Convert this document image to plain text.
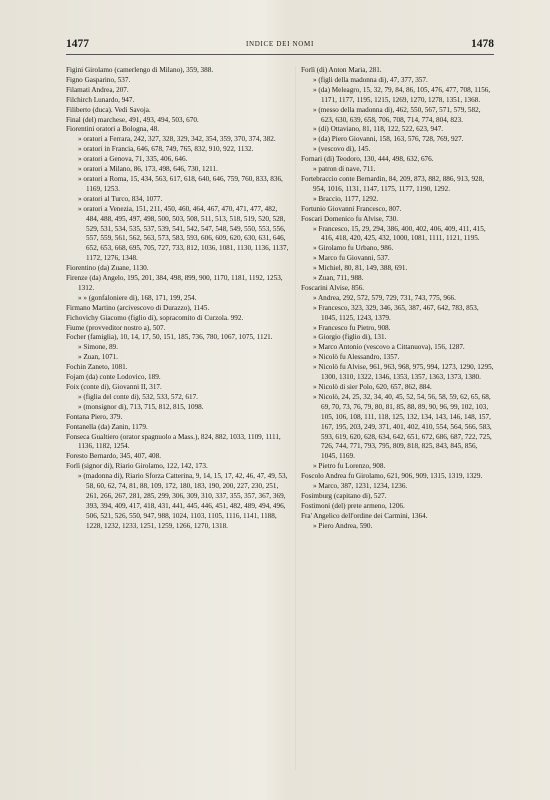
1477	INDICE DEI NOMI	1478
Figini Girolamo (camerlengo di Milano), 359, 388.
Figno Gasparino, 537.
Filamati Andrea, 207.
Filchirch Lunardo, 947.
Filiberto (duca). Vedi Savoja.
Final (del) marchese, 491, 493, 494, 503, 670.
Fiorentini oratori a Bologna, 48.
» oratori a Ferrara, 242, 327, 328, 329, 342, 354, 359, 370, 374, 382.
» oratori in Francia, 646, 678, 749, 765, 832, 910, 922, 1132.
» oratori a Genova, 71, 335, 406, 646.
» oratori a Milano, 86, 173, 498, 646, 730, 1211.
» oratori a Roma, 15, 434, 563, 617, 618, 640, 646, 759, 760, 833, 836, 1169, 1253.
» oratori al Turco, 834, 1077.
» oratori a Venezia, 151, 211, 450, 460, 464, 467, 470, 471, 477, 482, 484, 488, 495, 497, 498, 500, 503, 508, 511, 513, 518, 519, 520, 528, 529, 531, 534, 535, 537, 539, 541, 542, 547, 548, 549, 550, 553, 556, 557, 559, 561, 562, 563, 573, 583, 593, 606, 609, 620, 630, 631, 646, 652, 653, 668, 695, 705, 727, 733, 812, 1036, 1081, 1130, 1136, 1137, 1172, 1276, 1348.
Fiorentino (da) Zuane, 1130.
Firenze (da) Angelo, 195, 201, 384, 498, 899, 900, 1170, 1181, 1192, 1253, 1312.
» » (gonfaloniere di), 168, 171, 199, 254.
Firmano Martino (arcivescovo di Durazzo), 1145.
Fichovichy Giacomo (figlio di), sopracomito di Curzola. 992.
Fiume (provveditor nostro a), 507.
Focher (famiglia), 10, 14, 17, 50, 151, 185, 736, 780, 1067, 1075, 1121.
» Simone, 89.
» Zuan, 1071.
Fochin Zaneto, 1081.
Fojam (da) conte Lodovico, 189.
Foix (conte di), Giovanni II, 317.
» (figlia del conte di), 532, 533, 572, 617.
» (monsignor di), 713, 715, 812, 815, 1098.
Fontana Piero, 379.
Fontanella (da) Zanin, 1179.
Fonseca Gualtiero (orator spagnuolo a Mass.), 824, 882, 1033, 1109, 1111, 1136, 1182, 1254.
Foresto Bernardo, 345, 407, 408.
Forlì (signor di), Riario Girolamo, 122, 142, 173.
» (madonna di), Riario Sforza Catterina, 9, 14, 15, 17, 42, 46, 47, 49, 53, 58, 60, 62, 74, 81, 88, 109, 172, 180, 183, 190, 200, 227, 230, 251, 261, 266, 267, 281, 285, 299, 306, 309, 310, 337, 355, 357, 367, 369, 393, 394, 409, 417, 418, 431, 441, 445, 446, 451, 482, 489, 494, 496, 506, 521, 526, 550, 947, 988, 1024, 1103, 1105, 1116, 1141, 1188, 1228, 1232, 1233, 1251, 1259, 1266, 1270, 1318.
Forlì (di) Anton Maria, 281.
» (figli della madonna di), 47, 377, 357.
» (da) Meleagro, 15, 32, 79, 84, 86, 105, 476, 477, 708, 1156, 1171, 1177, 1195, 1215, 1269, 1270, 1278, 1351, 1368.
» (messo della madonna di), 462, 550, 567, 571, 579, 582, 623, 630, 639, 658, 706, 708, 714, 774, 804, 823.
» (di) Ottaviano, 81, 118, 122, 522, 623, 947.
» (da) Piero Giovanni, 158, 163, 576, 728, 769, 927.
» (vescovo di), 145.
Fornari (di) Teodoro, 130, 444, 498, 632, 676.
» patron di nave, 711.
Fortebraccio conte Bernardin, 84, 209, 873, 882, 886, 913, 928, 954, 1016, 1131, 1147, 1175, 1177, 1190, 1292.
» Braccio, 1177, 1292.
Fortunio Giovanni Francesco, 807.
Foscari Domenico fu Alvise, 730.
» Francesco, 15, 29, 294, 386, 400, 402, 406, 409, 411, 415, 416, 418, 420, 425, 432, 1000, 1081, 1111, 1121, 1195.
» Girolamo fu Urbano, 986.
» Marco fu Giovanni, 537.
» Michiel, 80, 81, 149, 388, 691.
» Zuan, 711, 988.
Foscarini Alvise, 856.
» Andrea, 292, 572, 579, 729, 731, 743, 775, 966.
» Francesco, 323, 329, 346, 365, 387, 467, 642, 783, 853, 1045, 1125, 1243, 1379.
» Francesco fu Pietro, 908.
» Giorgio (figlio di), 131.
» Marco Antonio (vescovo a Cittanuova), 156, 1287.
» Nicolò fu Alessandro, 1357.
» Nicolò fu Alvise, 961, 963, 968, 975, 994, 1273, 1290, 1295, 1300, 1310, 1322, 1346, 1353, 1357, 1363, 1373, 1380.
» Nicolò di sier Polo, 620, 657, 862, 884.
» Nicolò, 24, 25, 32, 34, 40, 45, 52, 54, 56, 58, 59, 62, 65, 68, 69, 70, 73, 76, 79, 80, 81, 85, 88, 89, 90, 96, 99, 102, 103, 105, 106, 108, 111, 118, 125, 132, 134, 143, 146, 148, 157, 167, 195, 203, 249, 371, 401, 402, 410, 554, 564, 566, 583, 593, 619, 620, 628, 634, 642, 651, 672, 686, 687, 722, 725, 726, 744, 771, 793, 795, 809, 818, 825, 843, 845, 856, 1045, 1169.
» Pietro fu Lorenzo, 908.
Foscolo Andrea fu Girolamo, 621, 906, 909, 1315, 1319, 1329.
» Marco, 387, 1231, 1234, 1236.
Fosimburg (capitano di), 527.
Fostimoni (del) prete armeno, 1206.
Fra' Angelico dell'ordine dei Carmini, 1364.
» Piero Andrea, 590.
